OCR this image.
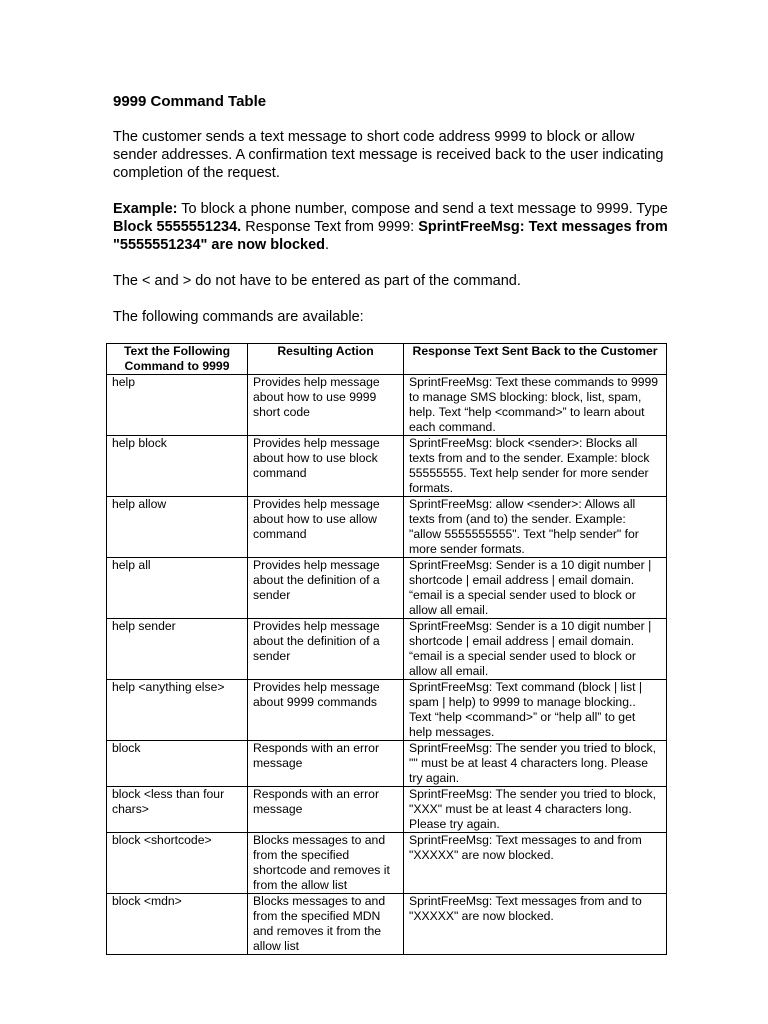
9999 Command Table

The customer sends a text message to short code address 9999 to block or allow sender addresses. A confirmation text message is received back to the user indicating completion of the request.

Example: To block a phone number, compose and send a text message to 9999. Type Block 5555551234. Response Text from 9999: SprintFreeMsg: Text messages from "5555551234" are now blocked.

The < and > do not have to be entered as part of the command.

The following commands are available:

Text the Following Command to 9999	Resulting Action	Response Text Sent Back to the Customer
help	Provides help message about how to use 9999 short code	SprintFreeMsg: Text these commands to 9999 to manage SMS blocking: block, list, spam, help. Text “help <command>” to learn about each command.
help block	Provides help message about how to use block command	SprintFreeMsg: block <sender>: Blocks all texts from and to the sender. Example: block 55555555. Text help sender for more sender formats.
help allow	Provides help message about how to use allow command	SprintFreeMsg: allow <sender>: Allows all texts from (and to) the sender. Example: "allow 5555555555". Text "help sender" for more sender formats.
help all	Provides help message about the definition of a sender	SprintFreeMsg: Sender is a 10 digit number | shortcode | email address | email domain. “email is a special sender used to block or allow all email.
help sender	Provides help message about the definition of a sender	SprintFreeMsg: Sender is a 10 digit number | shortcode | email address | email domain. “email is a special sender used to block or allow all email.
help <anything else>	Provides help message about 9999 commands	SprintFreeMsg: Text command (block | list | spam | help) to 9999 to manage blocking.. Text “help <command>” or “help all” to get help messages.
block	Responds with an error message	SprintFreeMsg: The sender you tried to block, "" must be at least 4 characters long. Please try again.
block <less than four chars>	Responds with an error message	SprintFreeMsg: The sender you tried to block, "XXX" must be at least 4 characters long. Please try again.
block <shortcode>	Blocks messages to and from the specified shortcode and removes it from the allow list	SprintFreeMsg: Text messages to and from "XXXXX" are now blocked.
block <mdn>	Blocks messages to and from the specified MDN and removes it from the allow list	SprintFreeMsg: Text messages from and to "XXXXX" are now blocked.
